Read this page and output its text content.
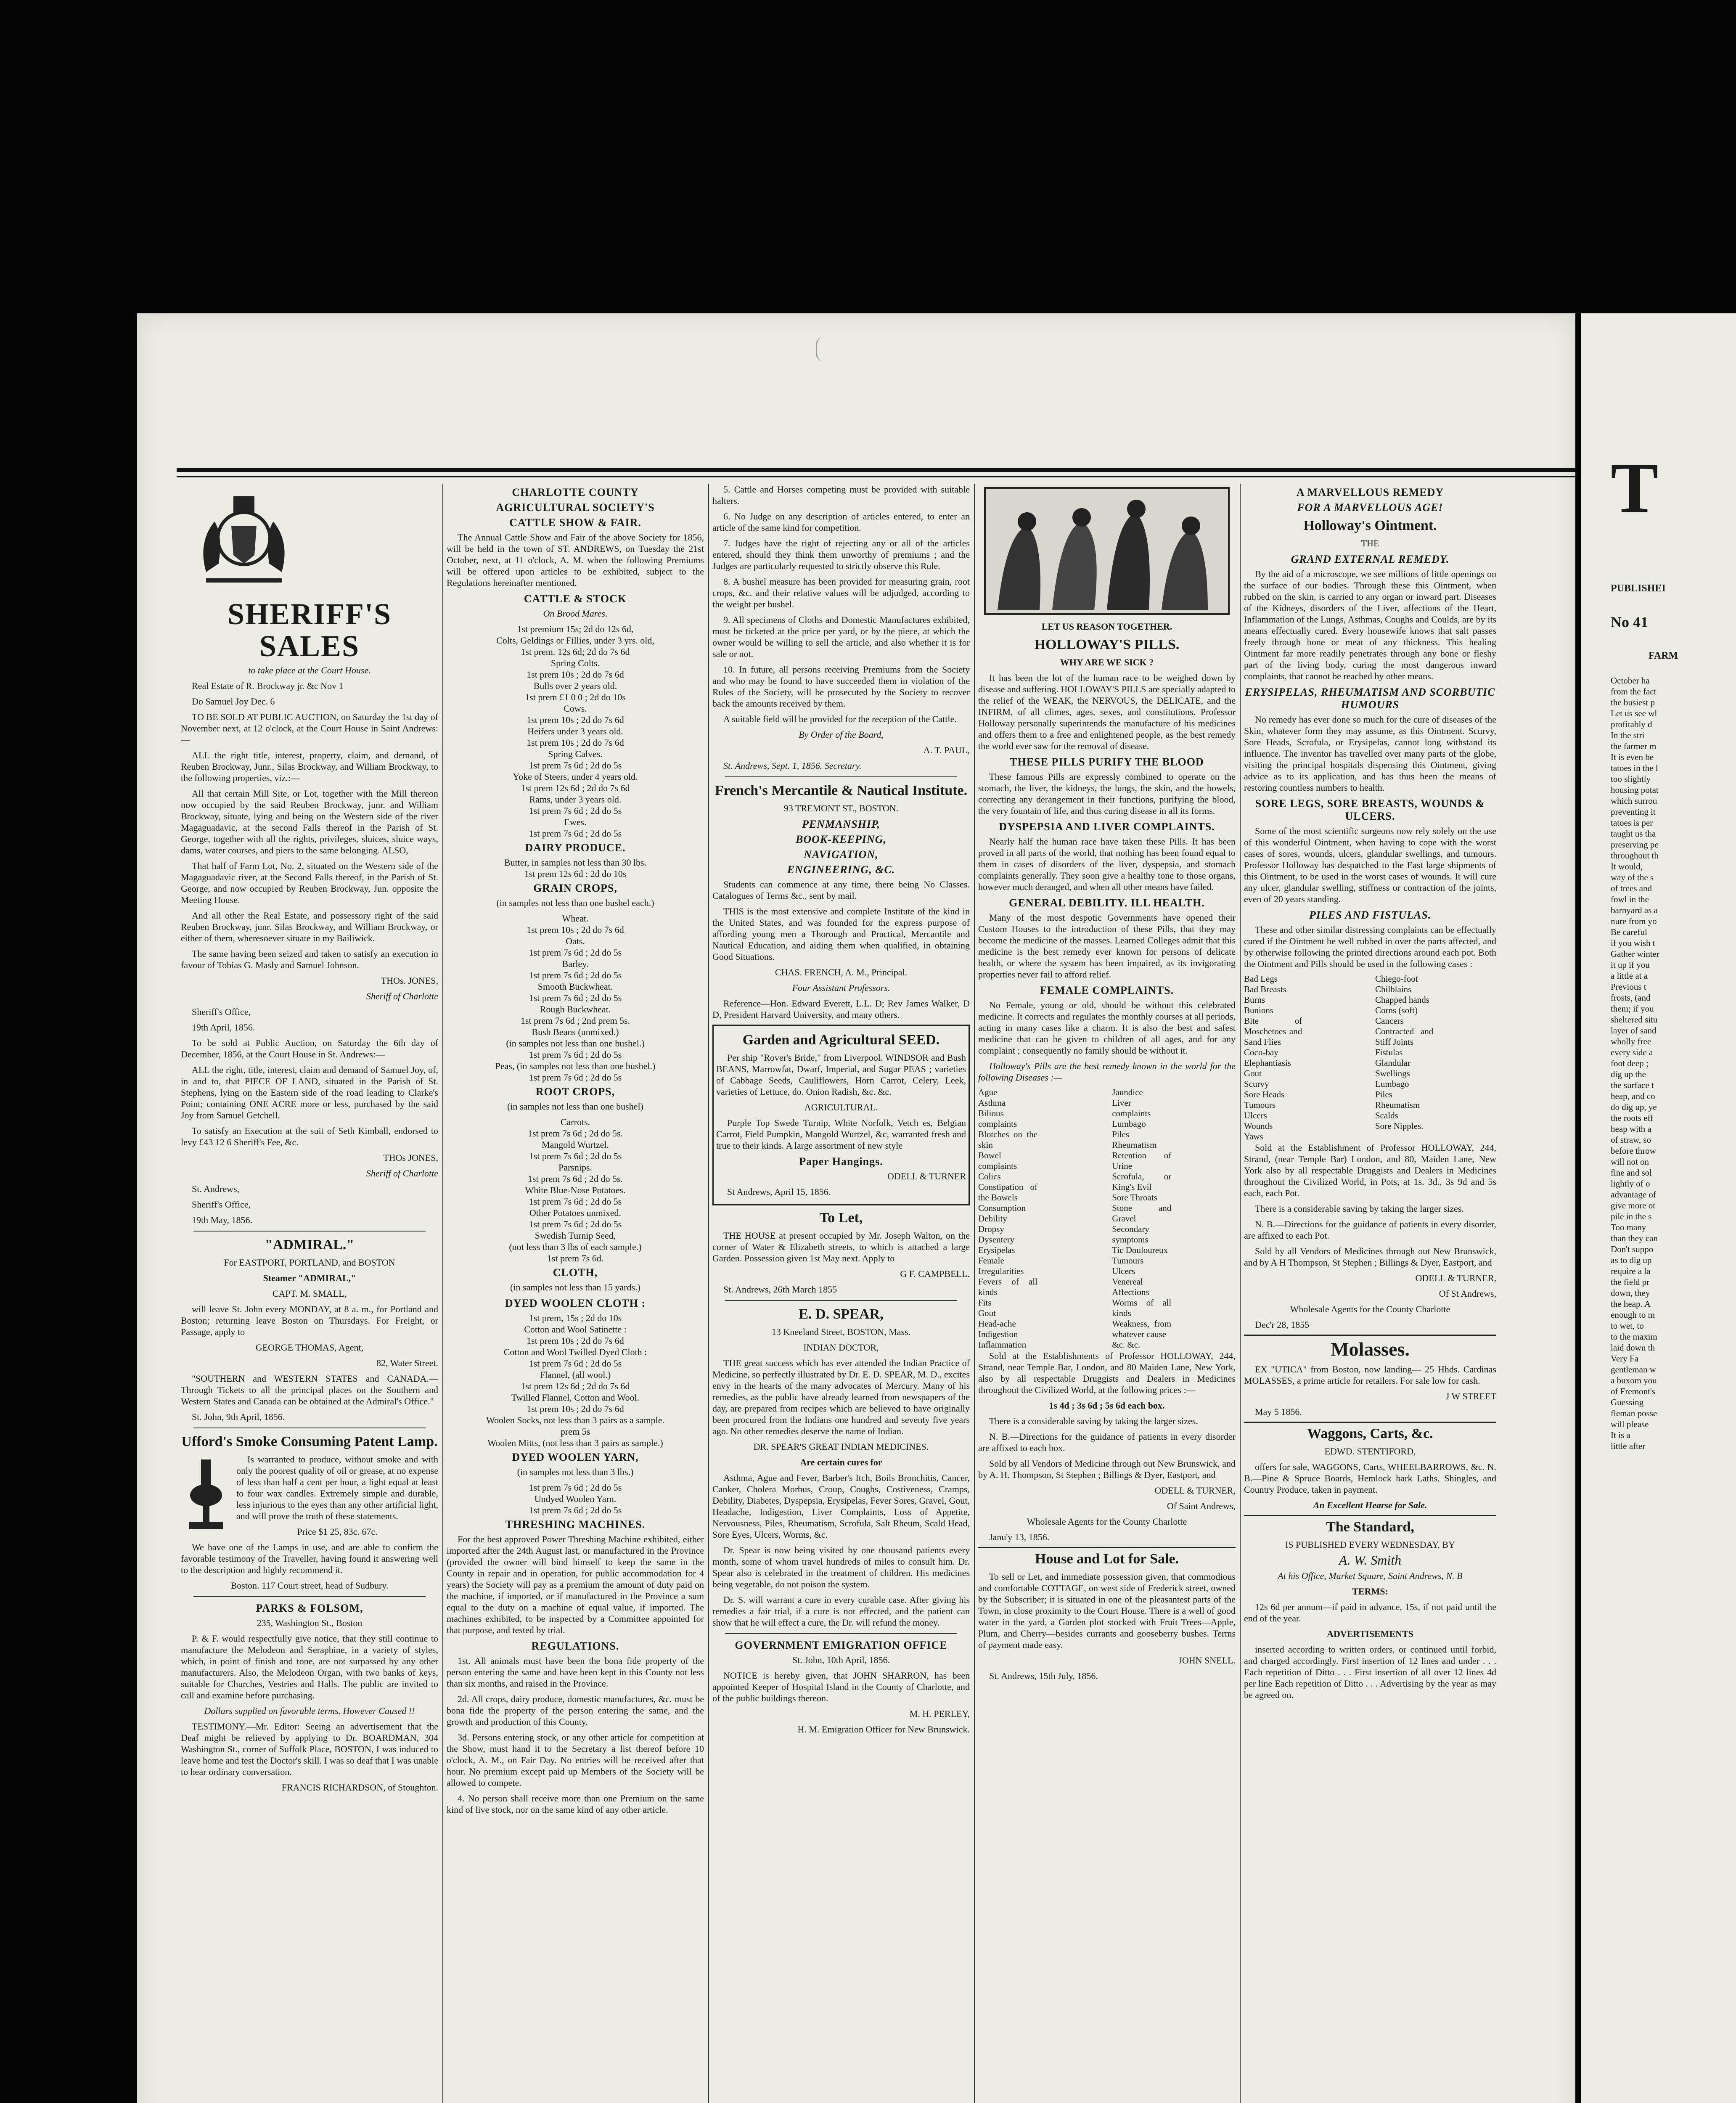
SHERIFF'S SALES

to take place at the Court House.

Real Estate of R. Brockway jr. &c Nov 1

Do Samuel Joy Dec. 6

TO BE SOLD AT PUBLIC AUCTION, on Saturday the 1st day of November next, at 12 o'clock, at the Court House in Saint Andrews:—

ALL the right title, interest, property, claim, and demand, of Reuben Brockway, Junr., Silas Brockway, and William Brockway, to the following properties, viz.:—

All that certain Mill Site, or Lot, together with the Mill thereon now occupied by the said Reuben Brockway, junr. and William Brockway, situate, lying and being on the Western side of the river Magaguadavic, at the second Falls thereof in the Parish of St. George, together with all the rights, privileges, sluices, sluice ways, dams, water courses, and piers to the same belonging. ALSO,

That half of Farm Lot, No. 2, situated on the Western side of the Magaguadavic river, at the Second Falls thereof, in the Parish of St. George, and now occupied by Reuben Brockway, Jun. opposite the Meeting House.

And all other the Real Estate, and possessory right of the said Reuben Brockway, junr. Silas Brockway, and William Brockway, or either of them, wheresoever situate in my Bailiwick.

The same having been seized and taken to satisfy an execution in favour of Tobias G. Masly and Samuel Johnson.

THOs. JONES,

Sheriff of Charlotte

Sheriff's Office,

19th April, 1856.

To be sold at Public Auction, on Saturday the 6th day of December, 1856, at the Court House in St. Andrews:—

ALL the right, title, interest, claim and demand of Samuel Joy, of, in and to, that PIECE OF LAND, situated in the Parish of St. Stephens, lying on the Eastern side of the road leading to Clarke's Point; containing ONE ACRE more or less, purchased by the said Joy from Samuel Getchell.

To satisfy an Execution at the suit of Seth Kimball, endorsed to levy £43 12 6 Sheriff's Fee, &c.

THOs JONES,

Sheriff of Charlotte

St. Andrews,

Sheriff's Office,

19th May, 1856.

"ADMIRAL."

For EASTPORT, PORTLAND, and BOSTON

Steamer "ADMIRAL,"

CAPT. M. SMALL,

will leave St. John every MONDAY, at 8 a. m., for Portland and Boston; returning leave Boston on Thursdays. For Freight, or Passage, apply to

GEORGE THOMAS, Agent,

82, Water Street.

"SOUTHERN and WESTERN STATES and CANADA.—Through Tickets to all the principal places on the Southern and Western States and Canada can be obtained at the Admiral's Office."

St. John, 9th April, 1856.

Ufford's Smoke Consuming Patent Lamp.

Is warranted to produce, without smoke and with only the poorest quality of oil or grease, at no expense of less than half a cent per hour, a light equal at least to four wax candles. Extremely simple and durable, less injurious to the eyes than any other artificial light, and will prove the truth of these statements.

Price $1 25, 83c. 67c.

We have one of the Lamps in use, and are able to confirm the favorable testimony of the Traveller, having found it answering well to the description and highly recommend it.

Boston. 117 Court street, head of Sudbury.

PARKS & FOLSOM,

235, Washington St., Boston

P. & F. would respectfully give notice, that they still continue to manufacture the Melodeon and Seraphine, in a variety of styles, which, in point of finish and tone, are not surpassed by any other manufacturers. Also, the Melodeon Organ, with two banks of keys, suitable for Churches, Vestries and Halls. The public are invited to call and examine before purchasing.

Dollars supplied on favorable terms. However Caused !!

TESTIMONY.—Mr. Editor: Seeing an advertisement that the Deaf might be relieved by applying to Dr. BOARDMAN, 304 Washington St., corner of Suffolk Place, BOSTON, I was induced to leave home and test the Doctor's skill. I was so deaf that I was unable to hear ordinary conversation.

FRANCIS RICHARDSON, of Stoughton.

CHARLOTTE COUNTY
AGRICULTURAL SOCIETY'S
CATTLE SHOW & FAIR.

The Annual Cattle Show and Fair of the above Society for 1856, will be held in the town of ST. ANDREWS, on Tuesday the 21st October, next, at 11 o'clock, A. M. when the following Premiums will be offered upon articles to be exhibited, subject to the Regulations hereinafter mentioned.

CATTLE & STOCK

On Brood Mares.

1st premium 15s; 2d do 12s 6d,
Colts, Geldings or Fillies, under 3 yrs. old,
1st prem. 12s 6d; 2d do 7s 6d
Spring Colts.
1st prem 10s ; 2d do 7s 6d
Bulls over 2 years old.
1st prem £1 0 0 ; 2d do 10s
Cows.
1st prem 10s ; 2d do 7s 6d
Heifers under 3 years old.
1st prem 10s ; 2d do 7s 6d
Spring Calves.
1st prem 7s 6d ; 2d do 5s
Yoke of Steers, under 4 years old.
1st prem 12s 6d ; 2d do 7s 6d
Rams, under 3 years old.
1st prem 7s 6d ; 2d do 5s
Ewes.
1st prem 7s 6d ; 2d do 5s
DAIRY PRODUCE.
Butter, in samples not less than 30 lbs.
1st prem 12s 6d ; 2d do 10s
GRAIN CROPS,

(in samples not less than one bushel each.)

Wheat.
1st prem 10s ; 2d do 7s 6d
Oats.
1st prem 7s 6d ; 2d do 5s
Barley.
1st prem 7s 6d ; 2d do 5s
Smooth Buckwheat.
1st prem 7s 6d ; 2d do 5s
Rough Buckwheat.
1st prem 7s 6d ; 2nd prem 5s.
Bush Beans (unmixed.)
(in samples not less than one bushel.)
1st prem 7s 6d ; 2d do 5s
Peas, (in samples not less than one bushel.)
1st prem 7s 6d ; 2d do 5s
ROOT CROPS,

(in samples not less than one bushel)

Carrots.
1st prem 7s 6d ; 2d do 5s.
Mangold Wurtzel.
1st prem 7s 6d ; 2d do 5s
Parsnips.
1st prem 7s 6d ; 2d do 5s.
White Blue-Nose Potatoes.
1st prem 7s 6d ; 2d do 5s
Other Potatoes unmixed.
1st prem 7s 6d ; 2d do 5s
Swedish Turnip Seed,
(not less than 3 lbs of each sample.)
1st prem 7s 6d.
CLOTH,

(in samples not less than 15 yards.)

DYED WOOLEN CLOTH :
1st prem, 15s ; 2d do 10s
Cotton and Wool Satinette :
1st prem 10s ; 2d do 7s 6d
Cotton and Wool Twilled Dyed Cloth :
1st prem 7s 6d ; 2d do 5s
Flannel, (all wool.)
1st prem 12s 6d ; 2d do 7s 6d
Twilled Flannel, Cotton and Wool.
1st prem 10s ; 2d do 7s 6d
Woolen Socks, not less than 3 pairs as a sample.
prem 5s
Woolen Mitts, (not less than 3 pairs as sample.)
DYED WOOLEN YARN,

(in samples not less than 3 lbs.)

1st prem 7s 6d ; 2d do 5s
Undyed Woolen Yarn.
1st prem 7s 6d ; 2d do 5s
THRESHING MACHINES.

For the best approved Power Threshing Machine exhibited, either imported after the 24th August last, or manufactured in the Province (provided the owner will bind himself to keep the same in the County in repair and in operation, for public accommodation for 4 years) the Society will pay as a premium the amount of duty paid on the machine, if imported, or if manufactured in the Province a sum equal to the duty on a machine of equal value, if imported. The machines exhibited, to be inspected by a Committee appointed for that purpose, and tested by trial.

REGULATIONS.

1st. All animals must have been the bona fide property of the person entering the same and have been kept in this County not less than six months, and raised in the Province.

2d. All crops, dairy produce, domestic manufactures, &c. must be bona fide the property of the person entering the same, and the growth and production of this County.

3d. Persons entering stock, or any other article for competition at the Show, must hand it to the Secretary a list thereof before 10 o'clock, A. M., on Fair Day. No entries will be received after that hour. No premium except paid up Members of the Society will be allowed to compete.

4. No person shall receive more than one Premium on the same kind of live stock, nor on the same kind of any other article.

5. Cattle and Horses competing must be provided with suitable halters.

6. No Judge on any description of articles entered, to enter an article of the same kind for competition.

7. Judges have the right of rejecting any or all of the articles entered, should they think them unworthy of premiums ; and the Judges are particularly requested to strictly observe this Rule.

8. A bushel measure has been provided for measuring grain, root crops, &c. and their relative values will be adjudged, according to the weight per bushel.

9. All specimens of Cloths and Domestic Manufactures exhibited, must be ticketed at the price per yard, or by the piece, at which the owner would be willing to sell the article, and also whether it is for sale or not.

10. In future, all persons receiving Premiums from the Society and who may be found to have succeeded them in violation of the Rules of the Society, will be prosecuted by the Society to recover back the amounts received by them.

A suitable field will be provided for the reception of the Cattle.

By Order of the Board,

A. T. PAUL,

St. Andrews, Sept. 1, 1856. Secretary.

French's Mercantile & Nautical Institute.

93 TREMONT ST., BOSTON.

PENMANSHIP,
BOOK-KEEPING,
NAVIGATION,
ENGINEERING, &C.

Students can commence at any time, there being No Classes. Catalogues of Terms &c., sent by mail.

THIS is the most extensive and complete Institute of the kind in the United States, and was founded for the express purpose of affording young men a Thorough and Practical, Mercantile and Nautical Education, and aiding them when qualified, in obtaining Good Situations.

CHAS. FRENCH, A. M., Principal.

Four Assistant Professors.

Reference—Hon. Edward Everett, L.L. D; Rev James Walker, D D, President Harvard University, and many others.

Garden and Agricultural SEED.

Per ship "Rover's Bride," from Liverpool. WINDSOR and Bush BEANS, Marrowfat, Dwarf, Imperial, and Sugar PEAS ; varieties of Cabbage Seeds, Cauliflowers, Horn Carrot, Celery, Leek, varieties of Lettuce, do. Onion Radish, &c. &c.

AGRICULTURAL.

Purple Top Swede Turnip, White Norfolk, Vetch es, Belgian Carrot, Field Pumpkin, Mangold Wurtzel, &c, warranted fresh and true to their kinds. A large assortment of new style

Paper Hangings.

ODELL & TURNER

St Andrews, April 15, 1856.

To Let,

THE HOUSE at present occupied by Mr. Joseph Walton, on the corner of Water & Elizabeth streets, to which is attached a large Garden. Possession given 1st May next. Apply to

G F. CAMPBELL.

St. Andrews, 26th March 1855

E. D. SPEAR,

13 Kneeland Street, BOSTON, Mass.

INDIAN DOCTOR,

THE great success which has ever attended the Indian Practice of Medicine, so perfectly illustrated by Dr. E. D. SPEAR, M. D., excites envy in the hearts of the many advocates of Mercury. Many of his remedies, as the public have already learned from newspapers of the day, are prepared from recipes which are believed to have originally been procured from the Indians one hundred and seventy five years ago. No other remedies deserve the name of Indian.

DR. SPEAR'S GREAT INDIAN MEDICINES.

Are certain cures for

Asthma, Ague and Fever, Barber's Itch, Boils Bronchitis, Cancer, Canker, Cholera Morbus, Croup, Coughs, Costiveness, Cramps, Debility, Diabetes, Dyspepsia, Erysipelas, Fever Sores, Gravel, Gout, Headache, Indigestion, Liver Complaints, Loss of Appetite, Nervousness, Piles, Rheumatism, Scrofula, Salt Rheum, Scald Head, Sore Eyes, Ulcers, Worms, &c.

Dr. Spear is now being visited by one thousand patients every month, some of whom travel hundreds of miles to consult him. Dr. Spear also is celebrated in the treatment of children. His medicines being vegetable, do not poison the system.

Dr. S. will warrant a cure in every curable case. After giving his remedies a fair trial, if a cure is not effected, and the patient can show that he will effect a cure, the Dr. will refund the money.

GOVERNMENT EMIGRATION OFFICE

St. John, 10th April, 1856.

NOTICE is hereby given, that JOHN SHARRON, has been appointed Keeper of Hospital Island in the County of Charlotte, and of the public buildings thereon.

M. H. PERLEY,

H. M. Emigration Officer for New Brunswick.

LET US REASON TOGETHER.

HOLLOWAY'S PILLS.

WHY ARE WE SICK ?

It has been the lot of the human race to be weighed down by disease and suffering. HOLLOWAY'S PILLS are specially adapted to the relief of the WEAK, the NERVOUS, the DELICATE, and the INFIRM, of all climes, ages, sexes, and constitutions. Professor Holloway personally superintends the manufacture of his medicines and offers them to a free and enlightened people, as the best remedy the world ever saw for the removal of disease.

THESE PILLS PURIFY THE BLOOD

These famous Pills are expressly combined to operate on the stomach, the liver, the kidneys, the lungs, the skin, and the bowels, correcting any derangement in their functions, purifying the blood, the very fountain of life, and thus curing disease in all its forms.

DYSPEPSIA AND LIVER COMPLAINTS.

Nearly half the human race have taken these Pills. It has been proved in all parts of the world, that nothing has been found equal to them in cases of disorders of the liver, dyspepsia, and stomach complaints generally. They soon give a healthy tone to those organs, however much deranged, and when all other means have failed.

GENERAL DEBILITY. ILL HEALTH.

Many of the most despotic Governments have opened their Custom Houses to the introduction of these Pills, that they may become the medicine of the masses. Learned Colleges admit that this medicine is the best remedy ever known for persons of delicate health, or where the system has been impaired, as its invigorating properties never fail to afford relief.

FEMALE COMPLAINTS.

No Female, young or old, should be without this celebrated medicine. It corrects and regulates the monthly courses at all periods, acting in many cases like a charm. It is also the best and safest medicine that can be given to children of all ages, and for any complaint ; consequently no family should be without it.

Holloway's Pills are the best remedy known in the world for the following Diseases :—

Ague
Asthma
Bilious complaints
Blotches on the skin
Bowel complaints
Colics
Constipation of the Bowels
Consumption
Debility
Dropsy
Dysentery
Erysipelas
Female Irregularities
Fevers of all kinds
Fits
Gout
Head-ache
Indigestion
Inflammation
Jaundice
Liver complaints
Lumbago
Piles
Rheumatism
Retention of Urine
Scrofula, or King's Evil
Sore Throats
Stone and Gravel
Secondary symptoms
Tic Douloureux
Tumours
Ulcers
Venereal Affections
Worms of all kinds
Weakness, from whatever cause
&c. &c.

Sold at the Establishments of Professor HOLLOWAY, 244, Strand, near Temple Bar, London, and 80 Maiden Lane, New York, also by all respectable Druggists and Dealers in Medicines throughout the Civilized World, at the following prices :—

1s 4d ; 3s 6d ; 5s 6d each box.

There is a considerable saving by taking the larger sizes.

N. B.—Directions for the guidance of patients in every disorder are affixed to each box.

Sold by all Vendors of Medicine through out New Brunswick, and by A. H. Thompson, St Stephen ; Billings & Dyer, Eastport, and

ODELL & TURNER,

Of Saint Andrews,

Wholesale Agents for the County Charlotte

Janu'y 13, 1856.

House and Lot for Sale.

To sell or Let, and immediate possession given, that commodious and comfortable COTTAGE, on west side of Frederick street, owned by the Subscriber; it is situated in one of the pleasantest parts of the Town, in close proximity to the Court House. There is a well of good water in the yard, a Garden plot stocked with Fruit Trees—Apple, Plum, and Cherry—besides currants and gooseberry bushes. Terms of payment made easy.

JOHN SNELL.

St. Andrews, 15th July, 1856.

A MARVELLOUS REMEDY
FOR A MARVELLOUS AGE!
Holloway's Ointment.

THE

GRAND EXTERNAL REMEDY.

By the aid of a microscope, we see millions of little openings on the surface of our bodies. Through these this Ointment, when rubbed on the skin, is carried to any organ or inward part. Diseases of the Kidneys, disorders of the Liver, affections of the Heart, Inflammation of the Lungs, Asthmas, Coughs and Coulds, are by its means effectually cured. Every housewife knows that salt passes freely through bone or meat of any thickness. This healing Ointment far more readily penetrates through any bone or fleshy part of the living body, curing the most dangerous inward complaints, that cannot be reached by other means.

ERYSIPELAS, RHEUMATISM AND SCORBUTIC HUMOURS

No remedy has ever done so much for the cure of diseases of the Skin, whatever form they may assume, as this Ointment. Scurvy, Sore Heads, Scrofula, or Erysipelas, cannot long withstand its influence. The inventor has travelled over many parts of the globe, visiting the principal hospitals dispensing this Ointment, giving advice as to its application, and has thus been the means of restoring countless numbers to health.

SORE LEGS, SORE BREASTS, WOUNDS & ULCERS.

Some of the most scientific surgeons now rely solely on the use of this wonderful Ointment, when having to cope with the worst cases of sores, wounds, ulcers, glandular swellings, and tumours. Professor Holloway has despatched to the East large shipments of this Ointment, to be used in the worst cases of wounds. It will cure any ulcer, glandular swelling, stiffness or contraction of the joints, even of 20 years standing.

PILES AND FISTULAS.

These and other similar distressing complaints can be effectually cured if the Ointment be well rubbed in over the parts affected, and by otherwise following the printed directions around each pot. Both the Ointment and Pills should be used in the following cases :

Bad Legs
Bad Breasts
Burns
Bunions
Bite of Moschetoes and Sand Flies
Coco-bay
Elephantiasis
Gout
Scurvy
Sore Heads
Tumours
Ulcers
Wounds
Yaws
Chiego-foot
Chilblains
Chapped hands
Corns (soft)
Cancers
Contracted and Stiff Joints
Fistulas
Glandular Swellings
Lumbago
Piles
Rheumatism
Scalds
Sore Nipples.

Sold at the Establishment of Professor HOLLOWAY, 244, Strand, (near Temple Bar) London, and 80, Maiden Lane, New York also by all respectable Druggists and Dealers in Medicines throughout the Civilized World, in Pots, at 1s. 3d., 3s 9d and 5s each, each Pot.

There is a considerable saving by taking the larger sizes.

N. B.—Directions for the guidance of patients in every disorder, are affixed to each Pot.

Sold by all Vendors of Medicines through out New Brunswick, and by A H Thompson, St Stephen ; Billings & Dyer, Eastport, and

ODELL & TURNER,

Of St Andrews,

Wholesale Agents for the County Charlotte

Dec'r 28, 1855

Molasses.

EX "UTICA" from Boston, now landing— 25 Hhds. Cardinas MOLASSES, a prime article for retailers. For sale low for cash.

J W STREET

May 5 1856.

Waggons, Carts, &c.

EDWD. STENTIFORD,

offers for sale, WAGGONS, Carts, WHEELBARROWS, &c. N. B.—Pine & Spruce Boards, Hemlock bark Laths, Shingles, and Country Produce, taken in payment.

An Excellent Hearse for Sale.

The Standard,

IS PUBLISHED EVERY WEDNESDAY, BY

A. W. Smith

At his Office, Market Square, Saint Andrews, N. B

TERMS:

12s 6d per annum—if paid in advance, 15s, if not paid until the end of the year.

ADVERTISEMENTS

inserted according to written orders, or continued until forbid, and charged accordingly. First insertion of 12 lines and under . . . Each repetition of Ditto . . . First insertion of all over 12 lines 4d per line Each repetition of Ditto . . . Advertising by the year as may be agreed on.

T
PUBLISHEI
No 41
FARM
October ha
from the fact
the busiest p
Let us see wl
profitably d
In the stri
the farmer m
It is even be
tatoes in the l
too slightly
housing potat
which surrou
preventing it
tatoes is per
taught us tha
preserving pe
throughout th
It would,
way of the s
of trees and
fowl in the
barnyard as a
nure from yo
Be careful
if you wish t
Gather winter
it up if you
a little at a
Previous t
frosts, (and
them; if you
sheltered situ
layer of sand
wholly free
every side a
foot deep ;
dig up the
the surface t
heap, and co
do dig up, ye
the roots eff
heap with a
of straw, so
before throw
will not on
fine and sol
lightly of o
advantage of
give more ot
pile in the s
Too many
than they can
Don't suppo
as to dig up
require a la
the field pr
down, they
the heap. A
enough to m
to wet, to
to the maxim
laid down th
Very Fa
gentleman w
a buxom you
of Fremont's
Guessing
fleman posse
will please
It is a
little after
